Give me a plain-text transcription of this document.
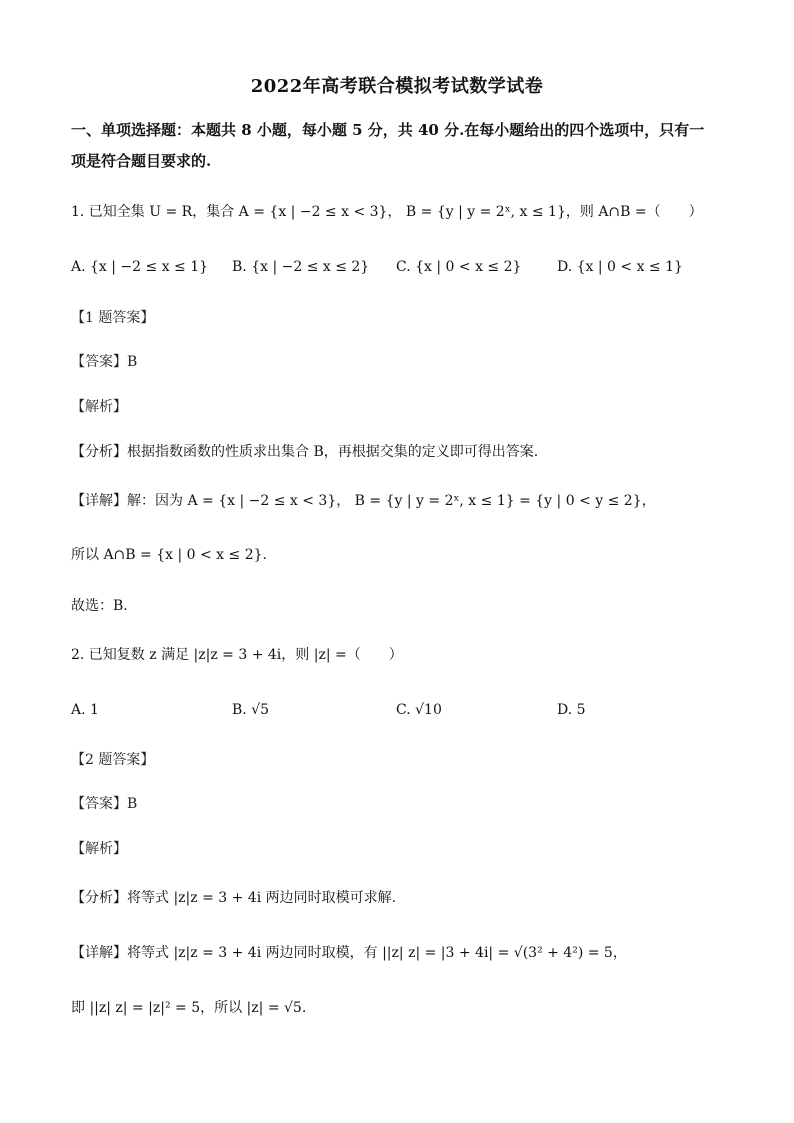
2022年高考联合模拟考试数学试卷
一、单项选择题：本题共 8 小题，每小题 5 分，共 40 分.在每小题给出的四个选项中，只有一
项是符合题目要求的.
1. 已知全集 U = R，集合 A = {x | −2 ≤ x < 3}， B = {y | y = 2ˣ, x ≤ 1}，则 A∩B =（　　）
A. {x | −2 ≤ x ≤ 1} B. {x | −2 ≤ x ≤ 2} C. {x | 0 < x ≤ 2}	D. {x | 0 < x ≤ 1}
【1 题答案】
【答案】B
【解析】
【分析】根据指数函数的性质求出集合 B，再根据交集的定义即可得出答案.
【详解】解：因为 A = {x | −2 ≤ x < 3}， B = {y | y = 2ˣ, x ≤ 1} = {y | 0 < y ≤ 2}，
所以 A∩B = {x | 0 < x ≤ 2}.
故选：B.
2. 已知复数 z 满足 |z|z = 3 + 4i，则 |z| =（　　）
A. 1	B. √5	C. √10	D. 5
【2 题答案】
【答案】B
【解析】
【分析】将等式 |z|z = 3 + 4i 两边同时取模可求解.
【详解】将等式 |z|z = 3 + 4i 两边同时取模，有 ||z| z| = |3 + 4i| = √(3² + 4²) = 5，
即 ||z| z| = |z|² = 5，所以 |z| = √5.
